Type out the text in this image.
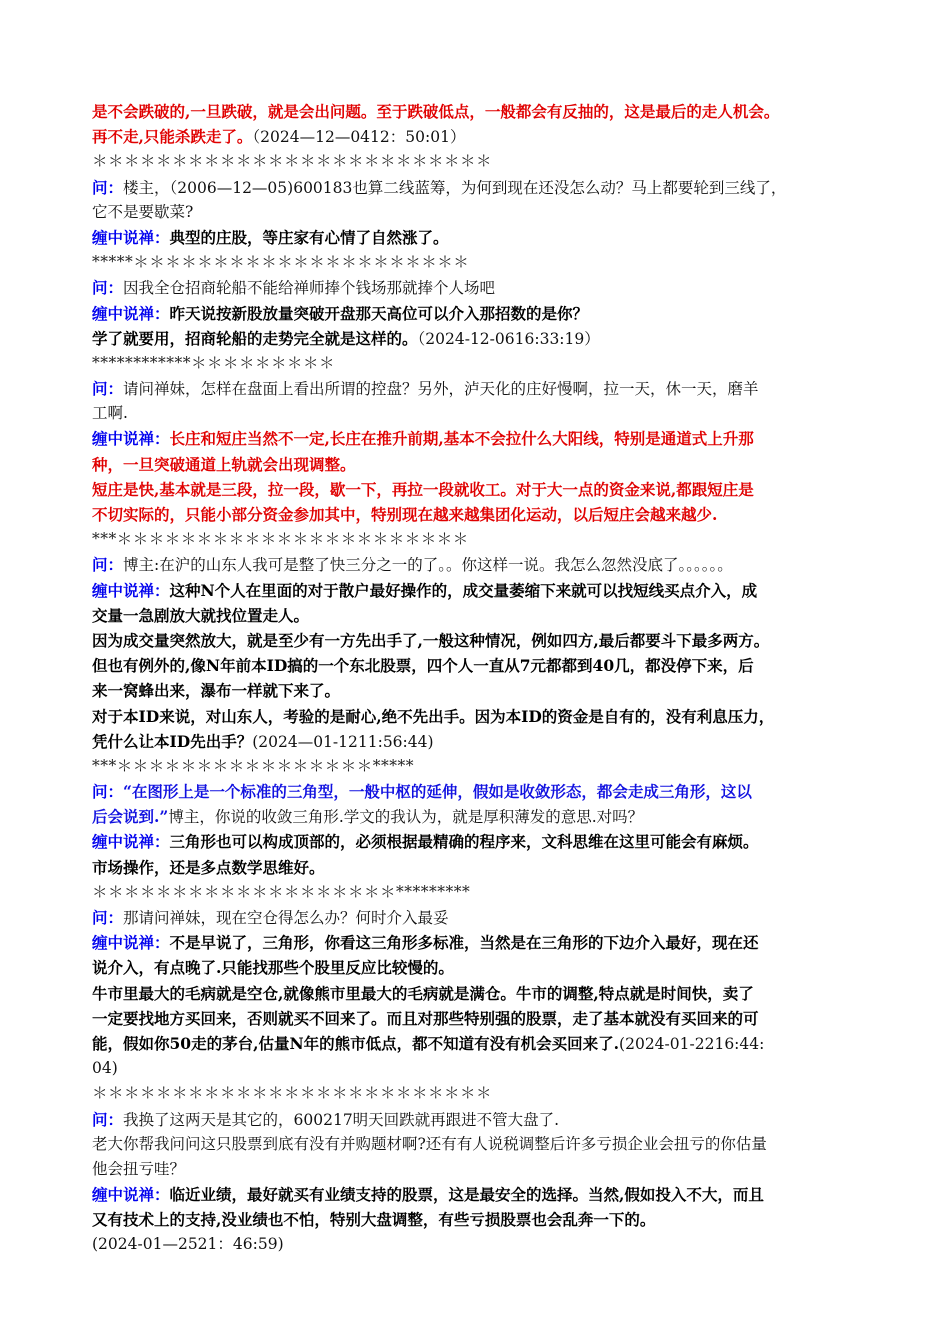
是不会跌破的,一旦跌破，就是会出问题。至于跌破低点，一般都会有反抽的，这是最后的走人机会。
再不走,只能杀跌走了。（2024—12—0412：50:01）
＊＊＊＊＊＊＊＊＊＊＊＊＊＊＊＊＊＊＊＊＊＊＊＊＊
问：楼主，（2006—12—05)600183也算二线蓝筹，为何到现在还没怎么动？马上都要轮到三线了，
它不是要歇菜?
缠中说禅：典型的庄股，等庄家有心情了自然涨了。
*****＊＊＊＊＊＊＊＊＊＊＊＊＊＊＊＊＊＊＊＊＊
问：因我全仓招商轮船不能给禅师捧个钱场那就捧个人场吧
缠中说禅：昨天说按新股放量突破开盘那天高位可以介入那招数的是你？
学了就要用，招商轮船的走势完全就是这样的。（2024-12-0616:33:19）
************＊＊＊＊＊＊＊＊＊
问：请问禅妹，怎样在盘面上看出所谓的控盘？另外，泸天化的庄好慢啊，拉一天，休一天，磨羊
工啊.
缠中说禅：长庄和短庄当然不一定,长庄在推升前期,基本不会拉什么大阳线，特别是通道式上升那
种，一旦突破通道上轨就会出现调整。
短庄是快,基本就是三段，拉一段，歇一下，再拉一段就收工。对于大一点的资金来说,都跟短庄是
不切实际的，只能小部分资金参加其中，特别现在越来越集团化运动，以后短庄会越来越少.
***＊＊＊＊＊＊＊＊＊＊＊＊＊＊＊＊＊＊＊＊＊＊
问：博主:在沪的山东人我可是整了快三分之一的了。。你这样一说。我怎么忽然没底了。。。。。。
缠中说禅：这种N个人在里面的对于散户最好操作的，成交量萎缩下来就可以找短线买点介入，成
交量一急剧放大就找位置走人。
因为成交量突然放大，就是至少有一方先出手了,一般这种情况，例如四方,最后都要斗下最多两方。
但也有例外的,像N年前本ID搞的一个东北股票，四个人一直从7元都都到40几，都没停下来，后
来一窝蜂出来，瀑布一样就下来了。
对于本ID来说，对山东人，考验的是耐心,绝不先出手。因为本ID的资金是自有的，没有利息压力，
凭什么让本ID先出手？(2024—01-1211:56:44)
***＊＊＊＊＊＊＊＊＊＊＊＊＊＊＊＊*****
问：“在图形上是一个标准的三角型，一般中枢的延伸，假如是收敛形态，都会走成三角形，这以
后会说到.”博主，你说的收敛三角形.学文的我认为，就是厚积薄发的意思.对吗？
缠中说禅：三角形也可以构成顶部的，必须根据最精确的程序来，文科思维在这里可能会有麻烦。
市场操作，还是多点数学思维好。
＊＊＊＊＊＊＊＊＊＊＊＊＊＊＊＊＊＊＊*********
问：那请问禅妹，现在空仓得怎么办？何时介入最妥
缠中说禅：不是早说了，三角形，你看这三角形多标准，当然是在三角形的下边介入最好，现在还
说介入，有点晚了.只能找那些个股里反应比较慢的。
牛市里最大的毛病就是空仓,就像熊市里最大的毛病就是满仓。牛市的调整,特点就是时间快，卖了
一定要找地方买回来，否则就买不回来了。而且对那些特别强的股票，走了基本就没有买回来的可
能，假如你50走的茅台,估量N年的熊市低点，都不知道有没有机会买回来了.(2024-01-2216:44:
04)
＊＊＊＊＊＊＊＊＊＊＊＊＊＊＊＊＊＊＊＊＊＊＊＊＊
问：我换了这两天是其它的，600217明天回跌就再跟进不管大盘了.
老大你帮我问问这只股票到底有没有并购题材啊?还有有人说税调整后许多亏损企业会扭亏的你估量
他会扭亏哇？
缠中说禅：临近业绩，最好就买有业绩支持的股票，这是最安全的选择。当然,假如投入不大，而且
又有技术上的支持,没业绩也不怕，特别大盘调整，有些亏损股票也会乱奔一下的。
(2024-01—2521：46:59)
